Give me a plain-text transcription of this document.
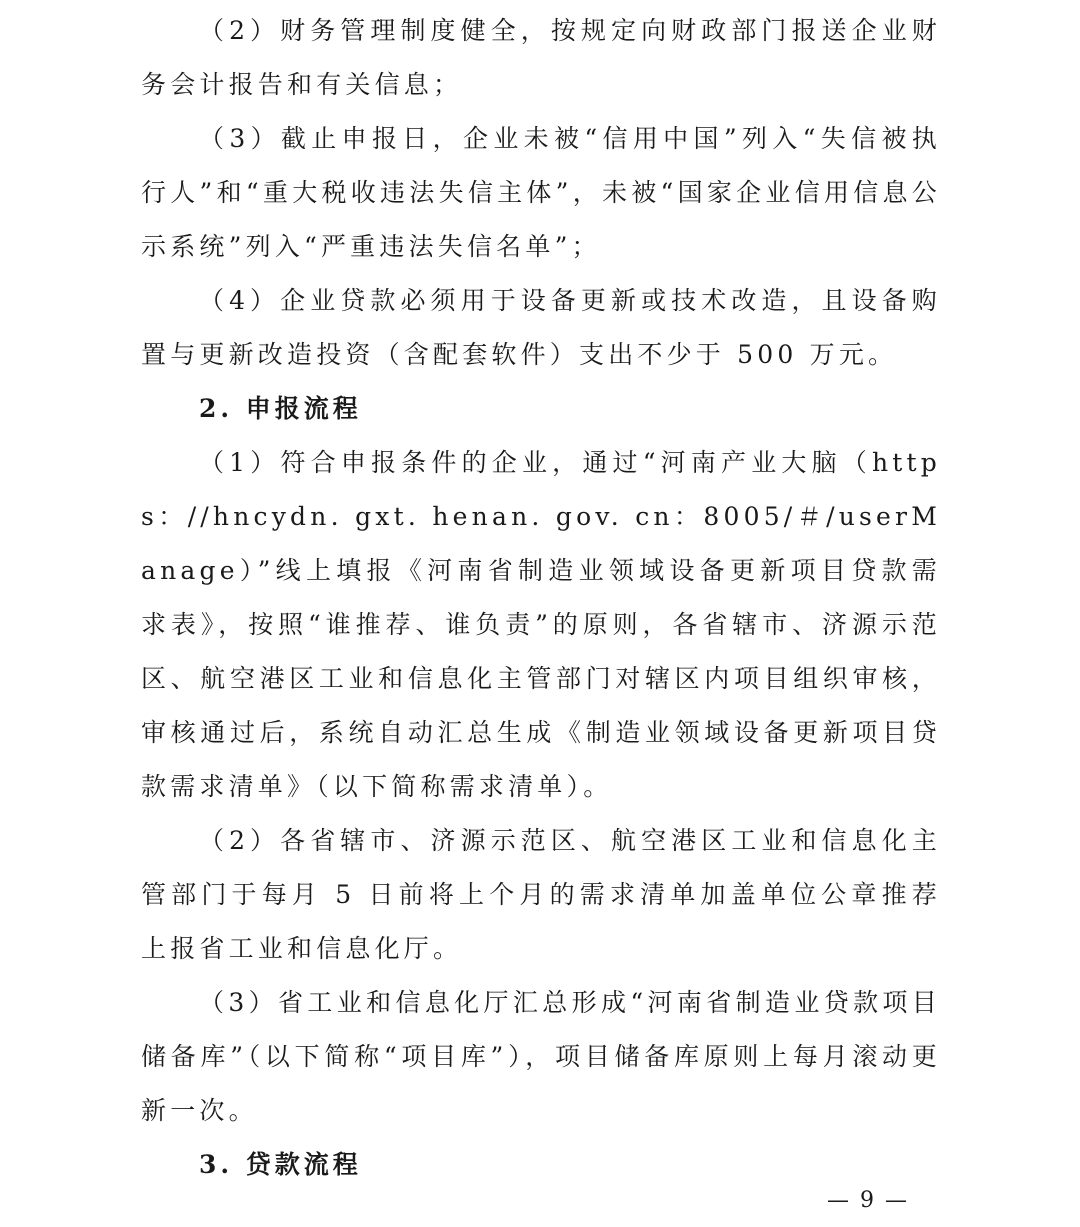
（2）财务管理制度健全，按规定向财政部门报送企业财务会计报告和有关信息；

（3）截止申报日，企业未被“信用中国”列入“失信被执行人”和“重大税收违法失信主体”，未被“国家企业信用信息公示系统”列入“严重违法失信名单”；

（4）企业贷款必须用于设备更新或技术改造，且设备购置与更新改造投资（含配套软件）支出不少于 500 万元。

2. 申报流程

（1）符合申报条件的企业，通过“河南产业大脑（https：//hncydn. gxt. henan. gov. cn：8005/＃/userManage）”线上填报《河南省制造业领域设备更新项目贷款需求表》，按照“谁推荐、谁负责”的原则，各省辖市、济源示范区、航空港区工业和信息化主管部门对辖区内项目组织审核，审核通过后，系统自动汇总生成《制造业领域设备更新项目贷款需求清单》（以下简称需求清单）。

（2）各省辖市、济源示范区、航空港区工业和信息化主管部门于每月 5 日前将上个月的需求清单加盖单位公章推荐上报省工业和信息化厅。

（3）省工业和信息化厅汇总形成“河南省制造业贷款项目储备库”（以下简称“项目库”），项目储备库原则上每月滚动更新一次。

3. 贷款流程

— 9 —
